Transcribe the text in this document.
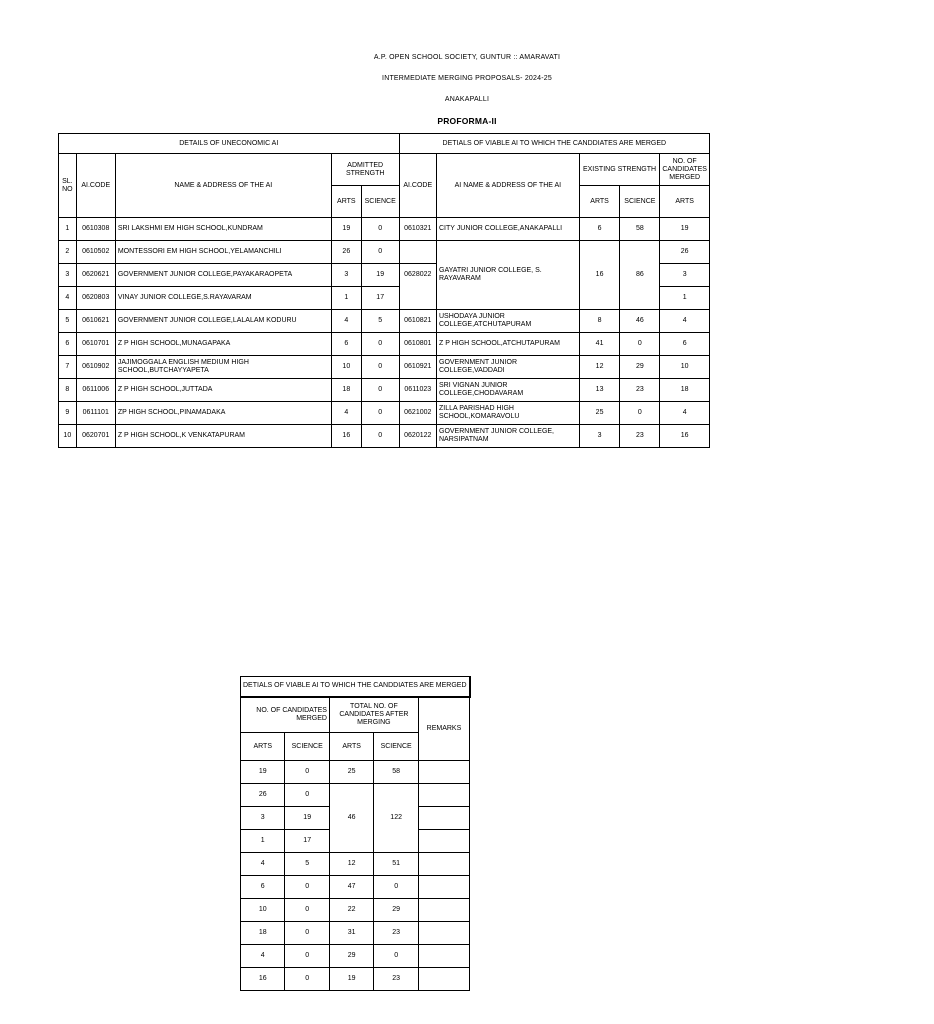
A.P. OPEN SCHOOL SOCIETY, GUNTUR :: AMARAVATI
INTERMEDIATE MERGING PROPOSALS- 2024-25
ANAKAPALLI
PROFORMA-II
DETAILS OF UNECONOMIC AI					DETIALS OF VIABLE AI TO WHICH THE CANDDIATES ARE MERGED				
SL. NO	AI.CODE	NAME & ADDRESS OF THE AI	ADMITTED STRENGTH		AI.CODE	AI NAME & ADDRESS OF THE AI	EXISTING STRENGTH		NO. OF CANDIDATES MERGED
			ARTS	SCIENCE			ARTS	SCIENCE	ARTS
1	0610308	SRI LAKSHMI EM HIGH SCHOOL,KUNDRAM	19	0	0610321	CITY JUNIOR COLLEGE,ANAKAPALLI	6	58	19
2	0610502	MONTESSORI EM HIGH SCHOOL,YELAMANCHILI	26	0		GAYATRI JUNIOR COLLEGE, S. RAYAVARAM	16	86	26
3	0620621	GOVERNMENT JUNIOR COLLEGE,PAYAKARAOPETA	3	19	0628022				3
4	0620803	VINAY JUNIOR COLLEGE,S.RAYAVARAM	1	17					1
5	0610621	GOVERNMENT JUNIOR COLLEGE,LALALAM KODURU	4	5	0610821	USHODAYA JUNIOR COLLEGE,ATCHUTAPURAM	8	46	4
6	0610701	Z P HIGH SCHOOL,MUNAGAPAKA	6	0	0610801	Z P HIGH SCHOOL,ATCHUTAPURAM	41	0	6
7	0610902	JAJIMOGGALA ENGLISH MEDIUM HIGH SCHOOL,BUTCHAYYAPETA	10	0	0610921	GOVERNMENT JUNIOR COLLEGE,VADDADI	12	29	10
8	0611006	Z P HIGH SCHOOL,JUTTADA	18	0	0611023	SRI VIGNAN JUNIOR COLLEGE,CHODAVARAM	13	23	18
9	0611101	ZP HIGH SCHOOL,PINAMADAKA	4	0	0621002	ZILLA PARISHAD HIGH SCHOOL,KOMARAVOLU	25	0	4
10	0620701	Z P HIGH SCHOOL,K VENKATAPURAM	16	0	0620122	GOVERNMENT JUNIOR COLLEGE, NARSIPATNAM	3	23	16
DETIALS OF VIABLE AI TO WHICH THE CANDDIATES ARE MERGED				
NO. OF CANDIDATES MERGED		TOTAL NO. OF CANDIDATES AFTER MERGING		REMARKS
ARTS	SCIENCE	ARTS	SCIENCE	
19	0	25	58	
26	0	46	122	
3	19			
1	17			
4	5	12	51	
6	0	47	0	
10	0	22	29	
18	0	31	23	
4	0	29	0	
16	0	19	23	
